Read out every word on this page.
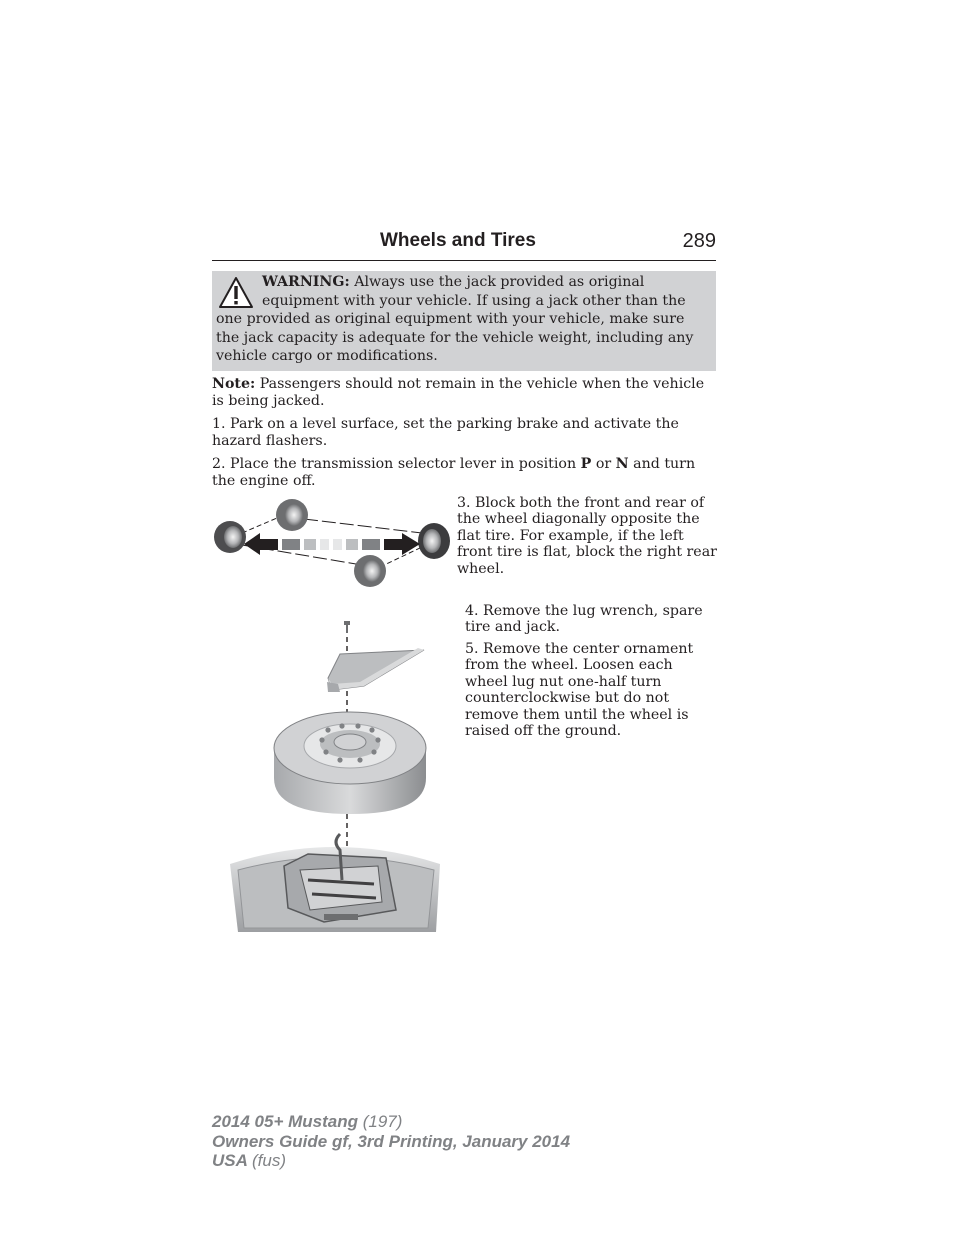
Wheels and Tires	289
WARNING: Always use the jack provided as original equipment with your vehicle. If using a jack other than the one provided as original equipment with your vehicle, make sure the jack capacity is adequate for the vehicle weight, including any vehicle cargo or modifications.
Note: Passengers should not remain in the vehicle when the vehicle is being jacked.
1. Park on a level surface, set the parking brake and activate the hazard flashers.
2. Place the transmission selector lever in position P or N and turn the engine off.
3. Block both the front and rear of the wheel diagonally opposite the flat tire. For example, if the left front tire is flat, block the right rear wheel.
4. Remove the lug wrench, spare tire and jack.
5. Remove the center ornament from the wheel. Loosen each wheel lug nut one-half turn counterclockwise but do not remove them until the wheel is raised off the ground.
2014 05+ Mustang (197)
Owners Guide gf, 3rd Printing, January 2014
USA (fus)
